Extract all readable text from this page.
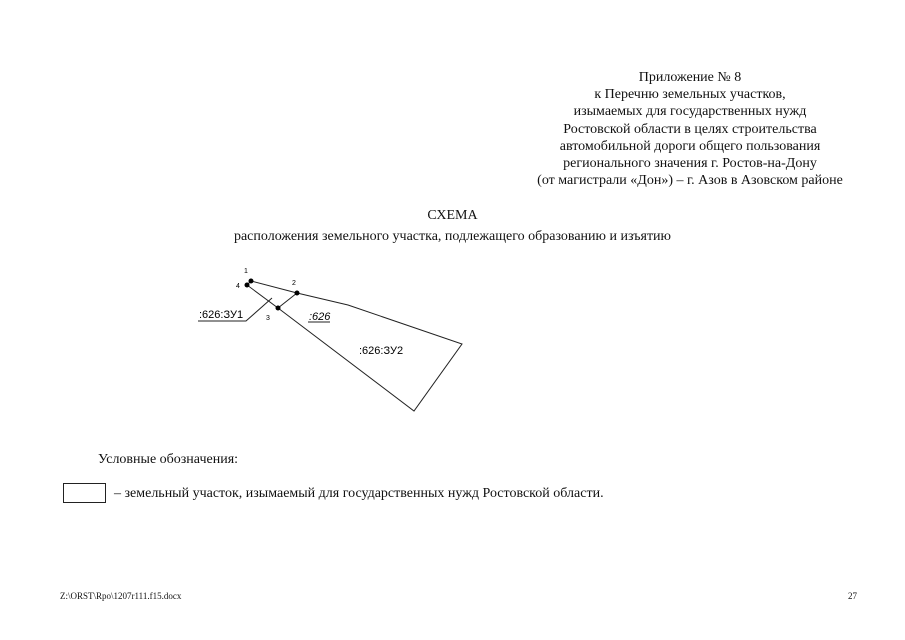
Приложение № 8
к Перечню земельных участков,
изымаемых для государственных нужд
Ростовской области в целях строительства
автомобильной дороги общего пользования
регионального значения г. Ростов-на-Дону
(от магистрали «Дон») – г. Азов в Азовском районе
СХЕМА
расположения земельного участка, подлежащего образованию и изъятию
1
2
3
4
:626:ЗУ1	:626
:626:ЗУ2
Условные обозначения:
– земельный участок, изымаемый для государственных нужд Ростовской области.
Z:\ORST\Rpo\1207r111.f15.docx	27
